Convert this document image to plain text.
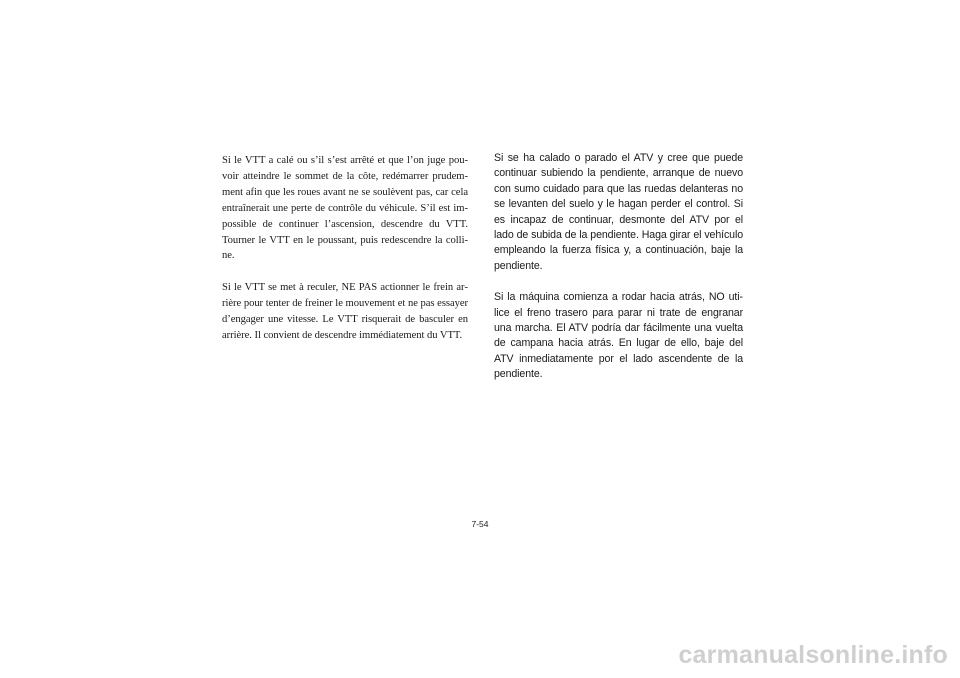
Si le VTT a calé ou s’il s’est arrêté et que l’on juge pouvoir atteindre le sommet de la côte, redémarrer prudemment afin que les roues avant ne se soulèvent pas, car cela entraînerait une perte de contrôle du véhicule. S’il est impossible de continuer l’ascension, descendre du VTT. Tourner le VTT en le poussant, puis redescendre la colline.

Si le VTT se met à reculer, NE PAS actionner le frein arrière pour tenter de freiner le mouvement et ne pas essayer d’engager une vitesse. Le VTT risquerait de basculer en arrière. Il convient de descendre immédiatement du VTT.

Si se ha calado o parado el ATV y cree que puede continuar subiendo la pendiente, arranque de nuevo con sumo cuidado para que las ruedas delanteras no se levanten del suelo y le hagan perder el control. Si es incapaz de continuar, desmonte del ATV por el lado de subida de la pendiente. Haga girar el vehículo empleando la fuerza física y, a continuación, baje la pendiente.

Si la máquina comienza a rodar hacia atrás, NO utilice el freno trasero para parar ni trate de engranar una marcha. El ATV podría dar fácilmente una vuelta de campana hacia atrás. En lugar de ello, baje del ATV inmediatamente por el lado ascendente de la pendiente.

7-54
carmanualsonline.info
